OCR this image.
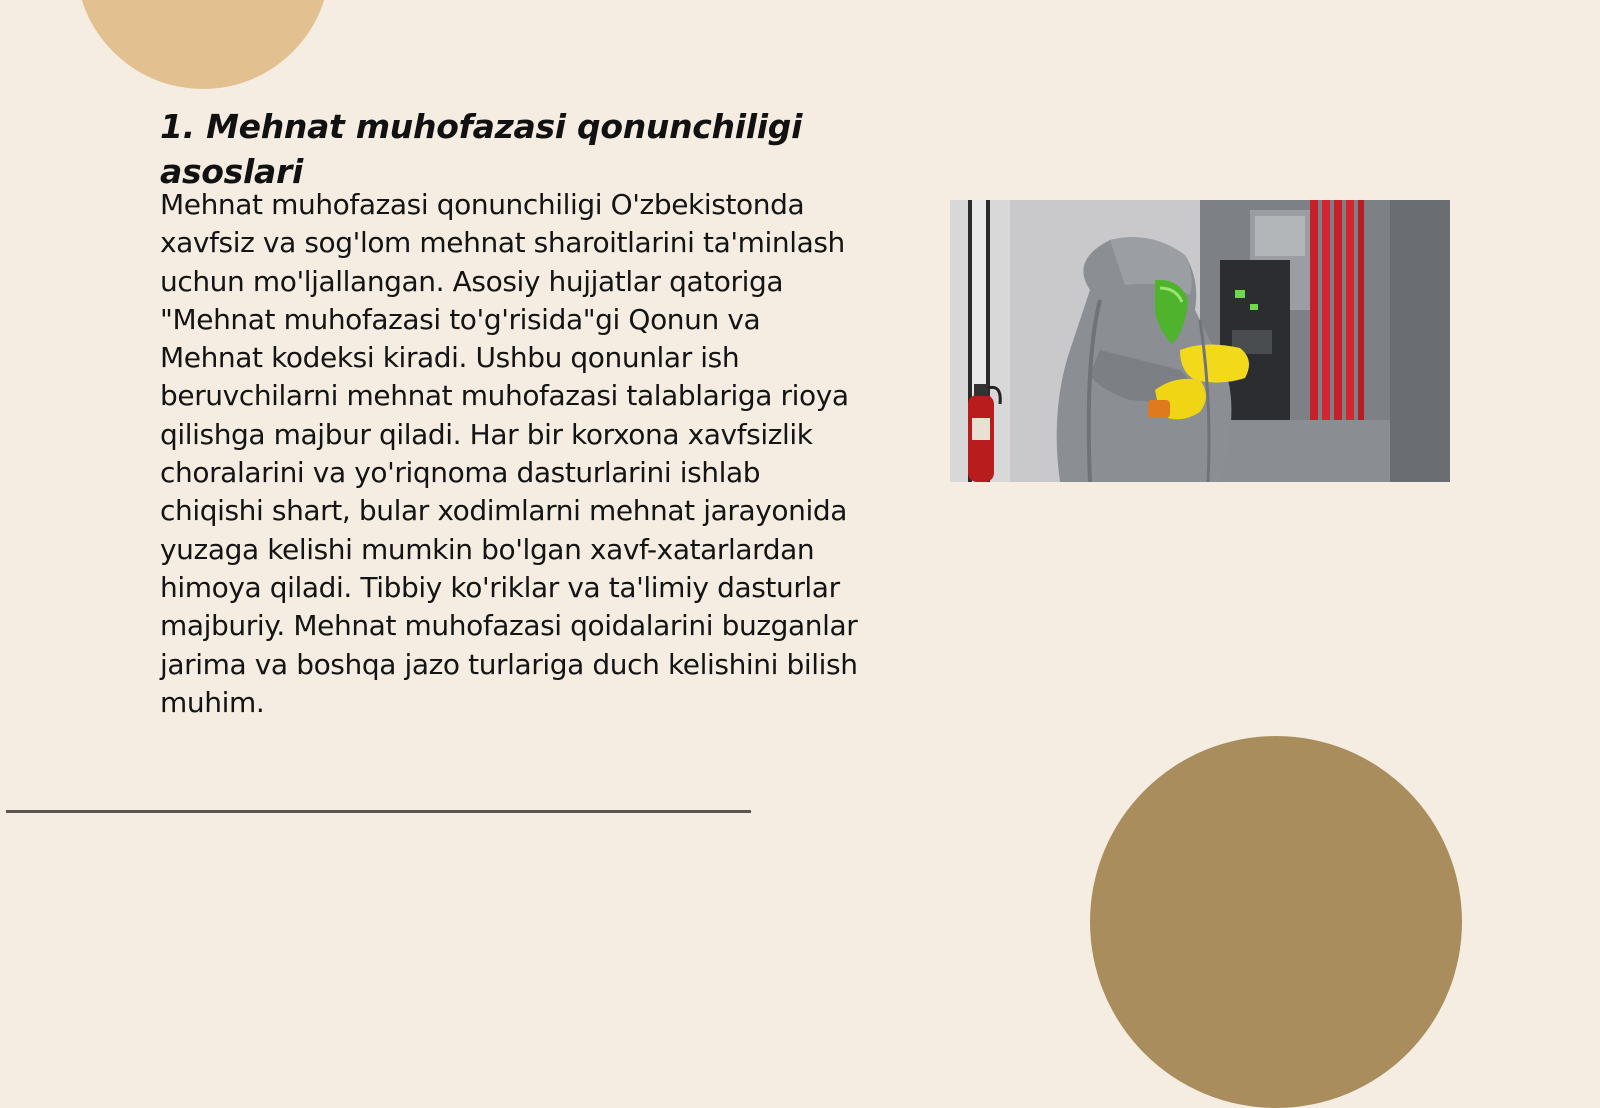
1. Mehnat muhofazasi qonunchiligi asoslari

Mehnat muhofazasi qonunchiligi O'zbekistonda xavfsiz va sog'lom mehnat sharoitlarini ta'minlash uchun mo'ljallangan. Asosiy hujjatlar qatoriga "Mehnat muhofazasi to'g'risida"gi Qonun va Mehnat kodeksi kiradi. Ushbu qonunlar ish beruvchilarni mehnat muhofazasi talablariga rioya qilishga majbur qiladi. Har bir korxona xavfsizlik choralarini va yo'riqnoma dasturlarini ishlab chiqishi shart, bular xodimlarni mehnat jarayonida yuzaga kelishi mumkin bo'lgan xavf-xatarlardan himoya qiladi. Tibbiy ko'riklar va ta'limiy dasturlar majburiy. Mehnat muhofazasi qoidalarini buzganlar jarima va boshqa jazo turlariga duch kelishini bilish muhim.
